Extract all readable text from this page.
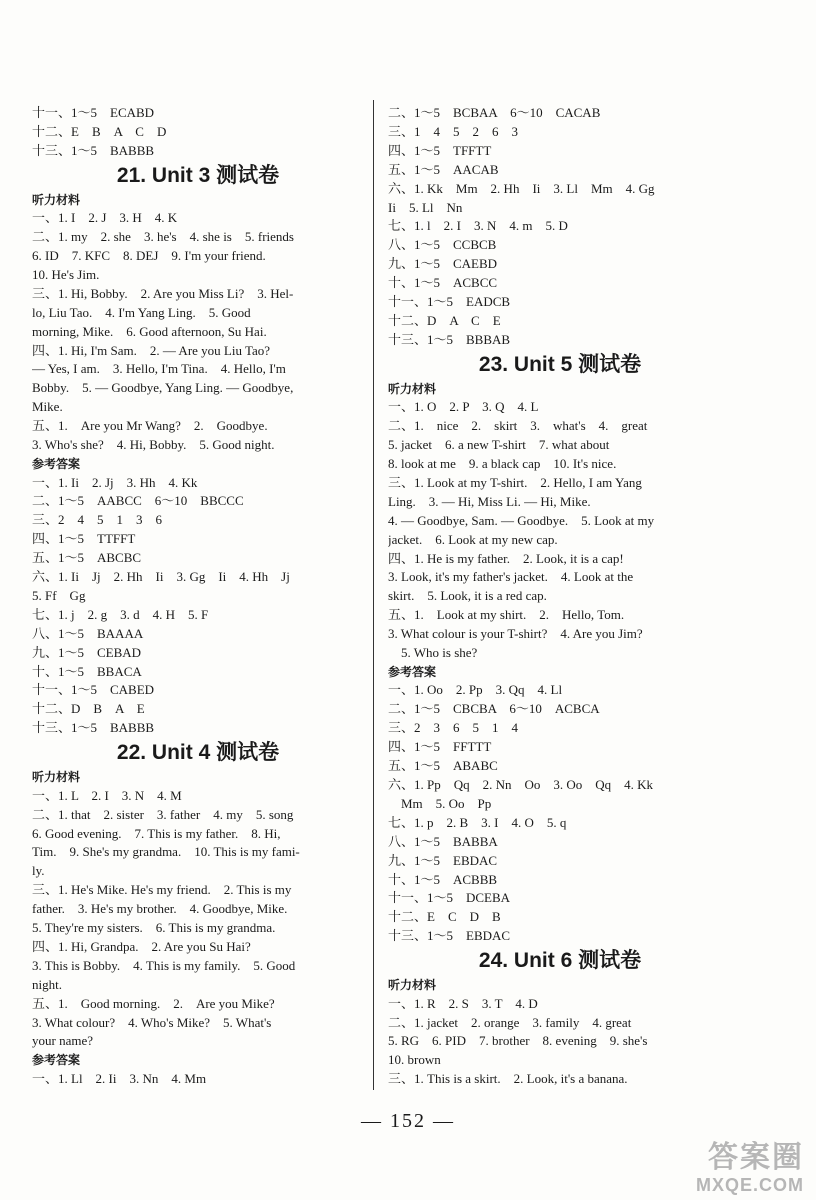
十一、1～5　ECABD
十二、E　B　A　C　D
十三、1～5　BABBB
21. Unit 3 测试卷
听力材料
一、1. I　2. J　3. H　4. K
二、1. my　2. she　3. he's　4. she is　5. friends
6. ID　7. KFC　8. DEJ　9. I'm your friend.
10. He's Jim.
三、1. Hi, Bobby.　2. Are you Miss Li?　3. Hel-
lo, Liu Tao.　4. I'm Yang Ling.　5. Good
morning, Mike.　6. Good afternoon, Su Hai.
四、1. Hi, I'm Sam.　2. — Are you Liu Tao?
— Yes, I am.　3. Hello, I'm Tina.　4. Hello, I'm
Bobby.　5. — Goodbye, Yang Ling. — Goodbye,
Mike.
五、1.　Are you Mr Wang?　2.　Goodbye.
3. Who's she?　4. Hi, Bobby.　5. Good night.
参考答案
一、1. Ii　2. Jj　3. Hh　4. Kk
二、1～5　AABCC　6～10　BBCCC
三、2　4　5　1　3　6
四、1～5　TTFFT
五、1～5　ABCBC
六、1. Ii　Jj　2. Hh　Ii　3. Gg　Ii　4. Hh　Jj
5. Ff　Gg
七、1. j　2. g　3. d　4. H　5. F
八、1～5　BAAAA
九、1～5　CEBAD
十、1～5　BBACA
十一、1～5　CABED
十二、D　B　A　E
十三、1～5　BABBB
22. Unit 4 测试卷
听力材料
一、1. L　2. I　3. N　4. M
二、1. that　2. sister　3. father　4. my　5. song
6. Good evening.　7. This is my father.　8. Hi,
Tim.　9. She's my grandma.　10. This is my fami-
ly.
三、1. He's Mike. He's my friend.　2. This is my
father.　3. He's my brother.　4. Goodbye, Mike.
5. They're my sisters.　6. This is my grandma.
四、1. Hi, Grandpa.　2. Are you Su Hai?
3. This is Bobby.　4. This is my family.　5. Good
night.
五、1.　Good morning.　2.　Are you Mike?
3. What colour?　4. Who's Mike?　5. What's
your name?
参考答案
一、1. Ll　2. Ii　3. Nn　4. Mm
二、1～5　BCBAA　6～10　CACAB
三、1　4　5　2　6　3
四、1～5　TFFTT
五、1～5　AACAB
六、1. Kk　Mm　2. Hh　Ii　3. Ll　Mm　4. Gg
Ii　5. Ll　Nn
七、1. l　2. I　3. N　4. m　5. D
八、1～5　CCBCB
九、1～5　CAEBD
十、1～5　ACBCC
十一、1～5　EADCB
十二、D　A　C　E
十三、1～5　BBBAB
23. Unit 5 测试卷
听力材料
一、1. O　2. P　3. Q　4. L
二、1.　nice　2.　skirt　3.　what's　4.　great
5. jacket　6. a new T-shirt　7. what about
8. look at me　9. a black cap　10. It's nice.
三、1. Look at my T-shirt.　2. Hello, I am Yang
Ling.　3. — Hi, Miss Li. — Hi, Mike.
4. — Goodbye, Sam. — Goodbye.　5. Look at my
jacket.　6. Look at my new cap.
四、1. He is my father.　2. Look, it is a cap!
3. Look, it's my father's jacket.　4. Look at the
skirt.　5. Look, it is a red cap.
五、1.　Look at my shirt.　2.　Hello, Tom.
3. What colour is your T-shirt?　4. Are you Jim?
　5. Who is she?
参考答案
一、1. Oo　2. Pp　3. Qq　4. Ll
二、1～5　CBCBA　6～10　ACBCA
三、2　3　6　5　1　4
四、1～5　FFTTT
五、1～5　ABABC
六、1. Pp　Qq　2. Nn　Oo　3. Oo　Qq　4. Kk
　Mm　5. Oo　Pp
七、1. p　2. B　3. I　4. O　5. q
八、1～5　BABBA
九、1～5　EBDAC
十、1～5　ACBBB
十一、1～5　DCEBA
十二、E　C　D　B
十三、1～5　EBDAC
24. Unit 6 测试卷
听力材料
一、1. R　2. S　3. T　4. D
二、1. jacket　2. orange　3. family　4. great
5. RG　6. PID　7. brother　8. evening　9. she's
10. brown
三、1. This is a skirt.　2. Look, it's a banana.
— 152 —
答案圈
MXQE.COM
